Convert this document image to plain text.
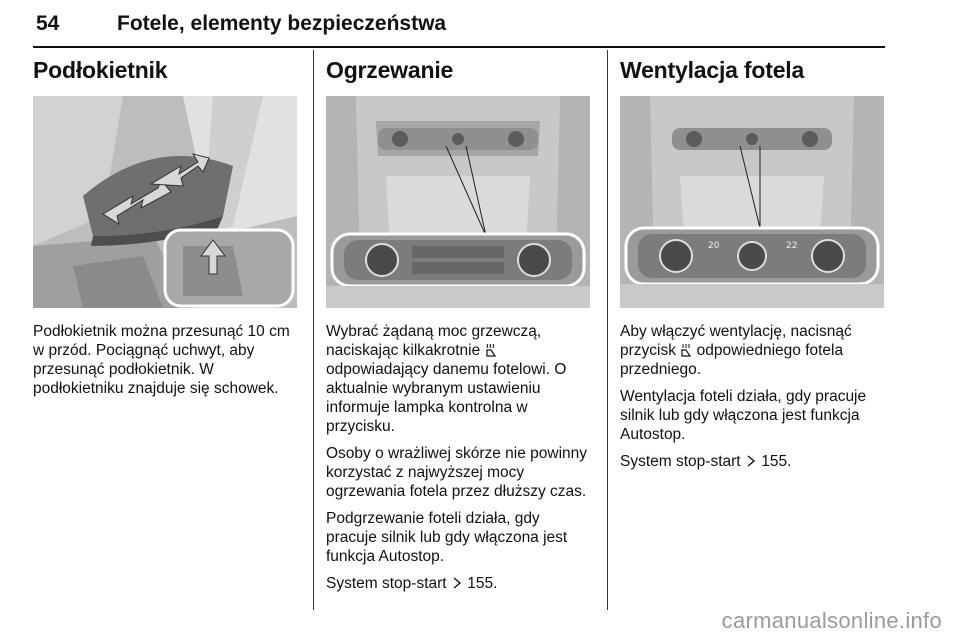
54	Fotele, elementy bezpieczeństwa
Podłokietnik

Podłokietnik można przesunąć 10 cm w przód. Pociągnąć uchwyt, aby przesunąć podłokietnik. W podłokietniku znajduje się schowek.

Ogrzewanie

Wybrać żądaną moc grzewczą, naciskając kilkakrotnie  odpowiadający danemu fotelowi. O aktualnie wybranym ustawieniu informuje lampka kontrolna w przycisku.

Osoby o wrażliwej skórze nie powinny korzystać z najwyższej mocy ogrzewania fotela przez dłuższy czas.

Podgrzewanie foteli działa, gdy pracuje silnik lub gdy włączona jest funkcja Autostop.

System stop-start 155.

Wentylacja fotela
20	22

Aby włączyć wentylację, nacisnąć przycisk odpowiedniego fotela przedniego.

Wentylacja foteli działa, gdy pracuje silnik lub gdy włączona jest funkcja Autostop.

System stop-start 155.

carmanualsonline.info
